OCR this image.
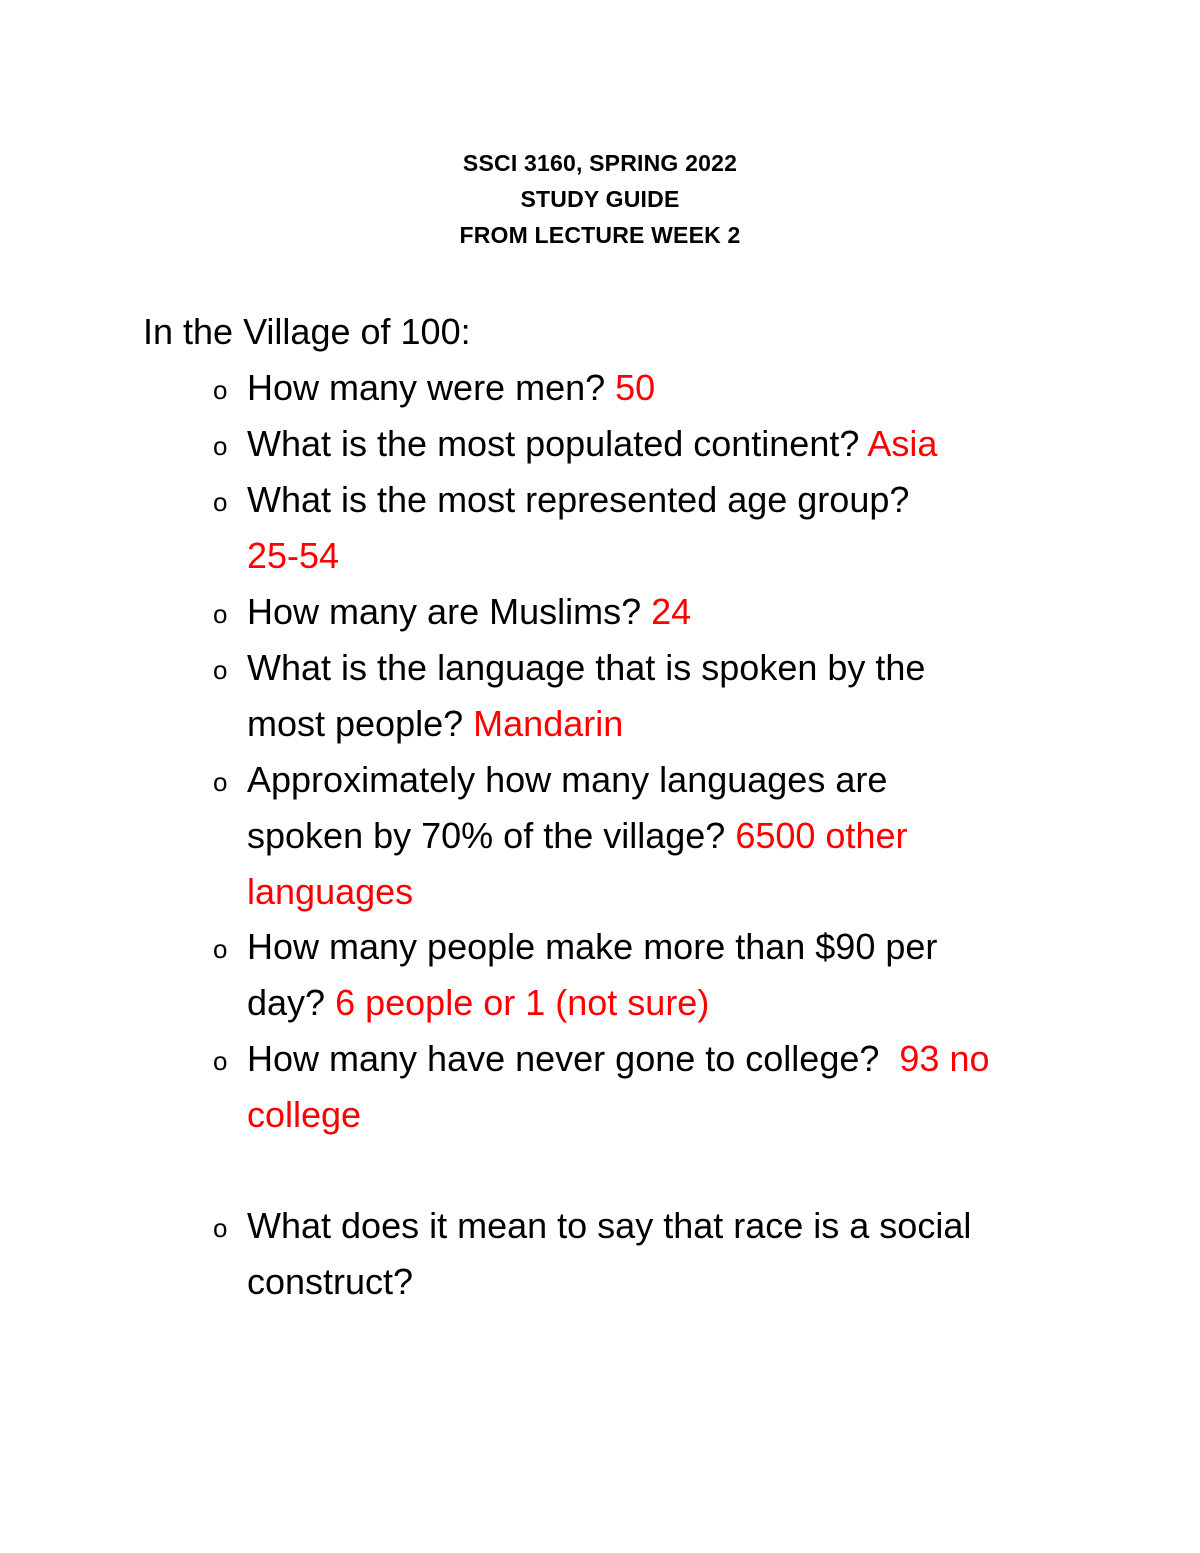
SSCI 3160, SPRING 2022
STUDY GUIDE
FROM LECTURE WEEK 2
In the Village of 100:
o How many were men? 50
o What is the most populated continent? Asia
o What is the most represented age group?
25-54
o How many are Muslims? 24
o What is the language that is spoken by the
most people? Mandarin
o Approximately how many languages are
spoken by 70% of the village? 6500 other
languages
o How many people make more than $90 per
day? 6 people or 1 (not sure)
o How many have never gone to college? 93 no
college
o What does it mean to say that race is a social
construct?
